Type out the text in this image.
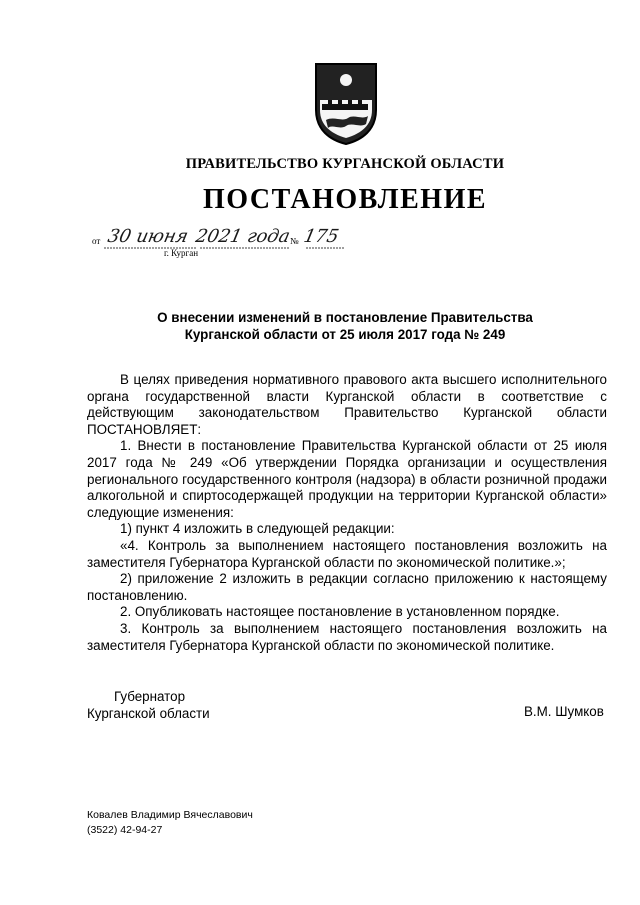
ПРАВИТЕЛЬСТВО КУРГАНСКОЙ ОБЛАСТИ
ПОСТАНОВЛЕНИЕ
от 30 июня 2021 года
№ 175
г. Курган
О внесении изменений в постановление Правительства
Курганской области от 25 июля 2017 года № 249

В целях приведения нормативного правового акта высшего исполнительного органа государственной власти Курганской области в соответствие с действующим законодательством Правительство Курганской области ПОСТАНОВЛЯЕТ:

1. Внести в постановление Правительства Курганской области от 25 июля 2017 года № 249 «Об утверждении Порядка организации и осуществления регионального государственного контроля (надзора) в области розничной продажи алкогольной и спиртосодержащей продукции на территории Курганской области» следующие изменения:

1) пункт 4 изложить в следующей редакции:

«4. Контроль за выполнением настоящего постановления возложить на заместителя Губернатора Курганской области по экономической политике.»;

2) приложение 2 изложить в редакции согласно приложению к настоящему постановлению.

2. Опубликовать настоящее постановление в установленном порядке.

3. Контроль за выполнением настоящего постановления возложить на заместителя Губернатора Курганской области по экономической политике.

Губернатор
Курганской области	В.М. Шумков
Ковалев Владимир Вячеславович
(3522) 42-94-27
